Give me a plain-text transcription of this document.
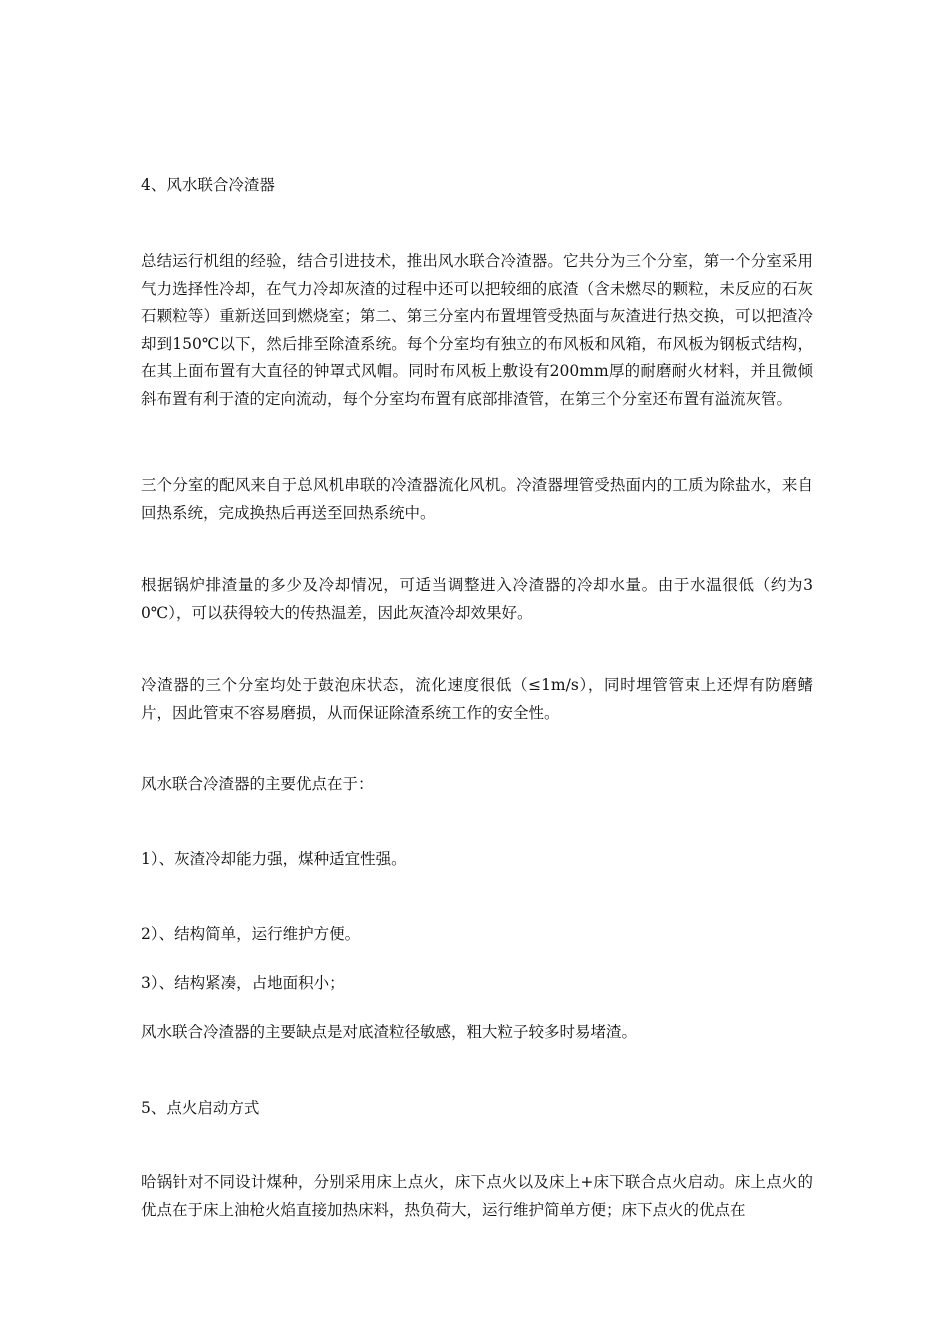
4、风水联合冷渣器

总结运行机组的经验，结合引进技术，推出风水联合冷渣器。它共分为三个分室，第一个分室采用气力选择性冷却，在气力冷却灰渣的过程中还可以把较细的底渣（含未燃尽的颗粒，未反应的石灰石颗粒等）重新送回到燃烧室；第二、第三分室内布置埋管受热面与灰渣进行热交换，可以把渣冷却到150℃以下，然后排至除渣系统。每个分室均有独立的布风板和风箱，布风板为钢板式结构，在其上面布置有大直径的钟罩式风帽。同时布风板上敷设有200mm厚的耐磨耐火材料，并且微倾斜布置有利于渣的定向流动，每个分室均布置有底部排渣管，在第三个分室还布置有溢流灰管。

三个分室的配风来自于总风机串联的冷渣器流化风机。冷渣器埋管受热面内的工质为除盐水，来自回热系统，完成换热后再送至回热系统中。

根据锅炉排渣量的多少及冷却情况，可适当调整进入冷渣器的冷却水量。由于水温很低（约为30℃），可以获得较大的传热温差，因此灰渣冷却效果好。

冷渣器的三个分室均处于鼓泡床状态，流化速度很低（≤1m/s），同时埋管管束上还焊有防磨鳍片，因此管束不容易磨损，从而保证除渣系统工作的安全性。

风水联合冷渣器的主要优点在于：

1）、灰渣冷却能力强，煤种适宜性强。

2）、结构简单，运行维护方便。

3）、结构紧凑，占地面积小；

风水联合冷渣器的主要缺点是对底渣粒径敏感，粗大粒子较多时易堵渣。

5、点火启动方式

哈锅针对不同设计煤种，分别采用床上点火，床下点火以及床上+床下联合点火启动。床上点火的优点在于床上油枪火焰直接加热床料，热负荷大，运行维护简单方便；床下点火的优点在
